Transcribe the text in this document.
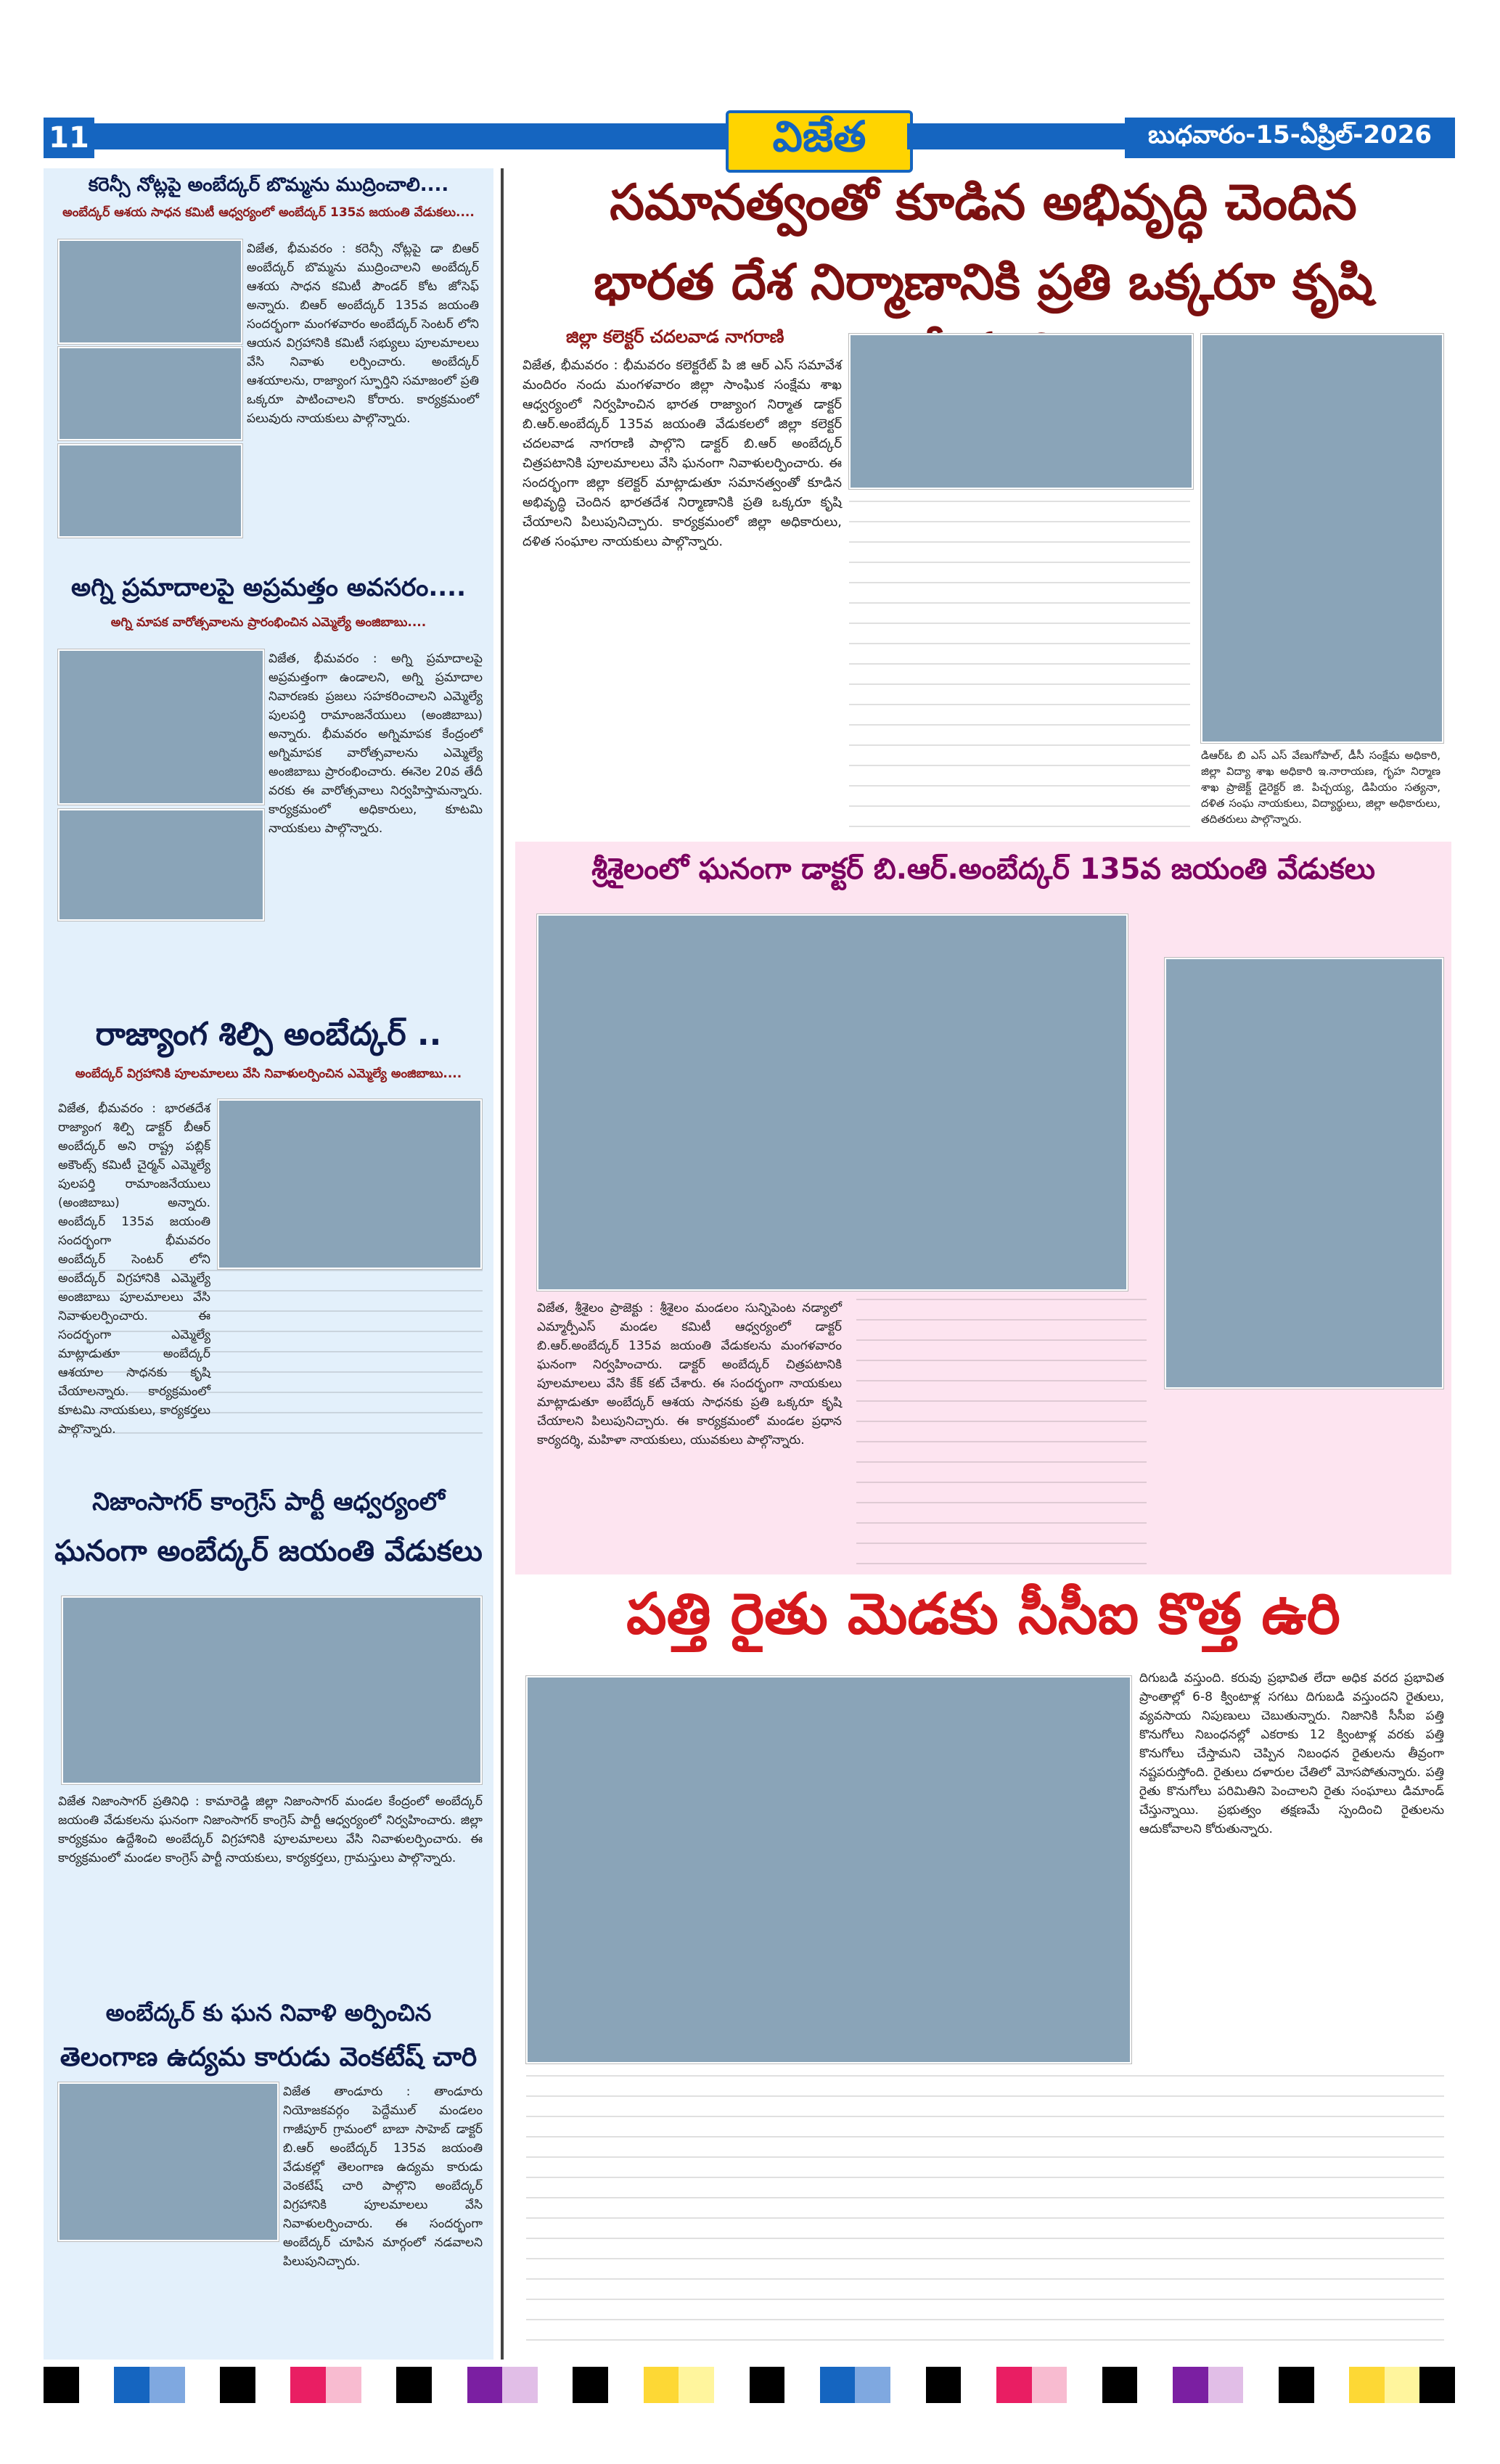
11	విజేత	బుధవారం-15-ఏప్రిల్-2026
కరెన్సీ నోట్లపై అంబేద్కర్ బొమ్మను ముద్రించాలి....
అంబేద్కర్ ఆశయ సాధన కమిటీ ఆధ్వర్యంలో అంబేద్కర్ 135వ జయంతి వేడుకలు....
విజేత, భీమవరం : కరెన్సీ నోట్లపై డా బిఆర్ అంబేద్కర్ బొమ్మను ముద్రించాలని అంబేద్కర్ ఆశయ సాధన కమిటీ పౌండర్ కోట జోసెఫ్ అన్నారు. బిఆర్ అంబేద్కర్ 135వ జయంతి సందర్భంగా మంగళవారం అంబేద్కర్ సెంటర్ లోని ఆయన విగ్రహానికి కమిటీ సభ్యులు పూలమాలలు వేసి నివాళు లర్పించారు. అంబేద్కర్ ఆశయాలను, రాజ్యాంగ స్ఫూర్తిని సమాజంలో ప్రతి ఒక్కరూ పాటించాలని కోరారు. కార్యక్రమంలో పలువురు నాయకులు పాల్గొన్నారు.
అగ్ని ప్రమాదాలపై అప్రమత్తం అవసరం....
అగ్ని మాపక వారోత్సవాలను ప్రారంభించిన ఎమ్మెల్యే అంజిబాబు....
విజేత, భీమవరం : అగ్ని ప్రమాదాలపై అప్రమత్తంగా ఉండాలని, అగ్ని ప్రమాదాల నివారణకు ప్రజలు సహకరించాలని ఎమ్మెల్యే పులపర్తి రామాంజనేయులు (అంజిబాబు) అన్నారు. భీమవరం అగ్నిమాపక కేంద్రంలో అగ్నిమాపక వారోత్సవాలను ఎమ్మెల్యే అంజిబాబు ప్రారంభించారు. ఈనెల 20వ తేదీ వరకు ఈ వారోత్సవాలు నిర్వహిస్తామన్నారు. కార్యక్రమంలో అధికారులు, కూటమి నాయకులు పాల్గొన్నారు.
రాజ్యాంగ శిల్పి అంబేద్కర్ ..
అంబేద్కర్ విగ్రహానికి పూలమాలలు వేసి నివాళులర్పించిన ఎమ్మెల్యే అంజిబాబు....
విజేత, భీమవరం : భారతదేశ రాజ్యాంగ శిల్పి డాక్టర్ బీఆర్ అంబేద్కర్ అని రాష్ట్ర పబ్లిక్ అకౌంట్స్ కమిటీ చైర్మన్ ఎమ్మెల్యే పులపర్తి రామాంజనేయులు (అంజిబాబు) అన్నారు. అంబేద్కర్ 135వ జయంతి సందర్భంగా భీమవరం అంబేద్కర్ సెంటర్ లోని అంబేద్కర్ విగ్రహానికి ఎమ్మెల్యే అంజిబాబు పూలమాలలు వేసి నివాళులర్పించారు. ఈ సందర్భంగా ఎమ్మెల్యే మాట్లాడుతూ అంబేద్కర్ ఆశయాల సాధనకు కృషి చేయాలన్నారు. కార్యక్రమంలో కూటమి నాయకులు, కార్యకర్తలు పాల్గొన్నారు.
నిజాంసాగర్ కాంగ్రెస్ పార్టీ ఆధ్వర్యంలో
ఘనంగా అంబేద్కర్ జయంతి వేడుకలు
విజేత నిజాంసాగర్ ప్రతినిధి : కామారెడ్డి జిల్లా నిజాంసాగర్ మండల కేంద్రంలో అంబేద్కర్ జయంతి వేడుకలను ఘనంగా నిజాంసాగర్ కాంగ్రెస్ పార్టీ ఆధ్వర్యంలో నిర్వహించారు. జిల్లా కార్యక్రమం ఉద్దేశించి అంబేద్కర్ విగ్రహానికి పూలమాలలు వేసి నివాళులర్పించారు. ఈ కార్యక్రమంలో మండల కాంగ్రెస్ పార్టీ నాయకులు, కార్యకర్తలు, గ్రామస్తులు పాల్గొన్నారు.
అంబేద్కర్ కు ఘన నివాళి అర్పించిన
తెలంగాణ ఉద్యమ కారుడు వెంకటేష్ చారి
విజేత తాండూరు : తాండూరు నియోజకవర్గం పెద్దేముల్ మండలం గాజీపూర్ గ్రామంలో బాబా సాహెబ్ డాక్టర్ బి.ఆర్ అంబేద్కర్ 135వ జయంతి వేడుకల్లో తెలంగాణ ఉద్యమ కారుడు వెంకటేష్ చారి పాల్గొని అంబేద్కర్ విగ్రహానికి పూలమాలలు వేసి నివాళులర్పించారు. ఈ సందర్భంగా అంబేద్కర్ చూపిన మార్గంలో నడవాలని పిలుపునిచ్చారు.
సమానత్వంతో కూడిన అభివృద్ధి చెందిన
భారత దేశ నిర్మాణానికి ప్రతి ఒక్కరూ కృషి
జిల్లా కలెక్టర్ చదలవాడ నాగరాణి
విజేత, భీమవరం : భీమవరం కలెక్టరేట్ పి జి ఆర్ ఎస్ సమావేశ మందిరం నందు మంగళవారం జిల్లా సాంఘిక సంక్షేమ శాఖ ఆధ్వర్యంలో నిర్వహించిన భారత రాజ్యాంగ నిర్మాత డాక్టర్ బి.ఆర్.అంబేద్కర్ 135వ జయంతి వేడుకలలో జిల్లా కలెక్టర్ చదలవాడ నాగరాణి పాల్గొని డాక్టర్ బి.ఆర్ అంబేద్కర్ చిత్రపటానికి పూలమాలలు వేసి ఘనంగా నివాళులర్పించారు. ఈ సందర్భంగా జిల్లా కలెక్టర్ మాట్లాడుతూ సమానత్వంతో కూడిన అభివృద్ధి చెందిన భారతదేశ నిర్మాణానికి ప్రతి ఒక్కరూ కృషి చేయాలని పిలుపునిచ్చారు. కార్యక్రమంలో జిల్లా అధికారులు, దళిత సంఘాల నాయకులు పాల్గొన్నారు.
డిఆర్ఓ బి ఎస్ ఎస్ వేణుగోపాల్, డీసీ సంక్షేమ అధికారి, జిల్లా విద్యా శాఖ అధికారి ఇ.నారాయణ, గృహ నిర్మాణ శాఖ ప్రాజెక్ట్ డైరెక్టర్ జి. పిచ్చయ్య, డిపియం సత్యనా, దళిత సంఘ నాయకులు, విద్యార్థులు, జిల్లా అధికారులు, తదితరులు పాల్గొన్నారు.
శ్రీశైలంలో ఘనంగా డాక్టర్ బి.ఆర్.అంబేద్కర్ 135వ జయంతి వేడుకలు
విజేత, శ్రీశైలం ప్రాజెక్టు : శ్రీశైలం మండలం సున్నిపెంట నడ్యాలో ఎమ్మార్పీఎస్ మండల కమిటీ ఆధ్వర్యంలో డాక్టర్ బి.ఆర్.అంబేద్కర్ 135వ జయంతి వేడుకలను మంగళవారం ఘనంగా నిర్వహించారు. డాక్టర్ అంబేద్కర్ చిత్రపటానికి పూలమాలలు వేసి కేక్ కట్ చేశారు. ఈ సందర్భంగా నాయకులు మాట్లాడుతూ అంబేద్కర్ ఆశయ సాధనకు ప్రతి ఒక్కరూ కృషి చేయాలని పిలుపునిచ్చారు. ఈ కార్యక్రమంలో మండల ప్రధాన కార్యదర్శి, మహిళా నాయకులు, యువకులు పాల్గొన్నారు.
పత్తి రైతు మెడకు సీసీఐ కొత్త ఉరి
దిగుబడి వస్తుంది. కరువు ప్రభావిత లేదా అధిక వరద ప్రభావిత ప్రాంతాల్లో 6-8 క్వింటాళ్ల సగటు దిగుబడి వస్తుందని రైతులు, వ్యవసాయ నిపుణులు చెబుతున్నారు. నిజానికి సీసీఐ పత్తి కొనుగోలు నిబంధనల్లో ఎకరాకు 12 క్వింటాళ్ల వరకు పత్తి కొనుగోలు చేస్తామని చెప్పిన నిబంధన రైతులను తీవ్రంగా నష్టపరుస్తోంది. రైతులు దళారుల చేతిలో మోసపోతున్నారు. పత్తి రైతు కొనుగోలు పరిమితిని పెంచాలని రైతు సంఘాలు డిమాండ్ చేస్తున్నాయి. ప్రభుత్వం తక్షణమే స్పందించి రైతులను ఆదుకోవాలని కోరుతున్నారు.
